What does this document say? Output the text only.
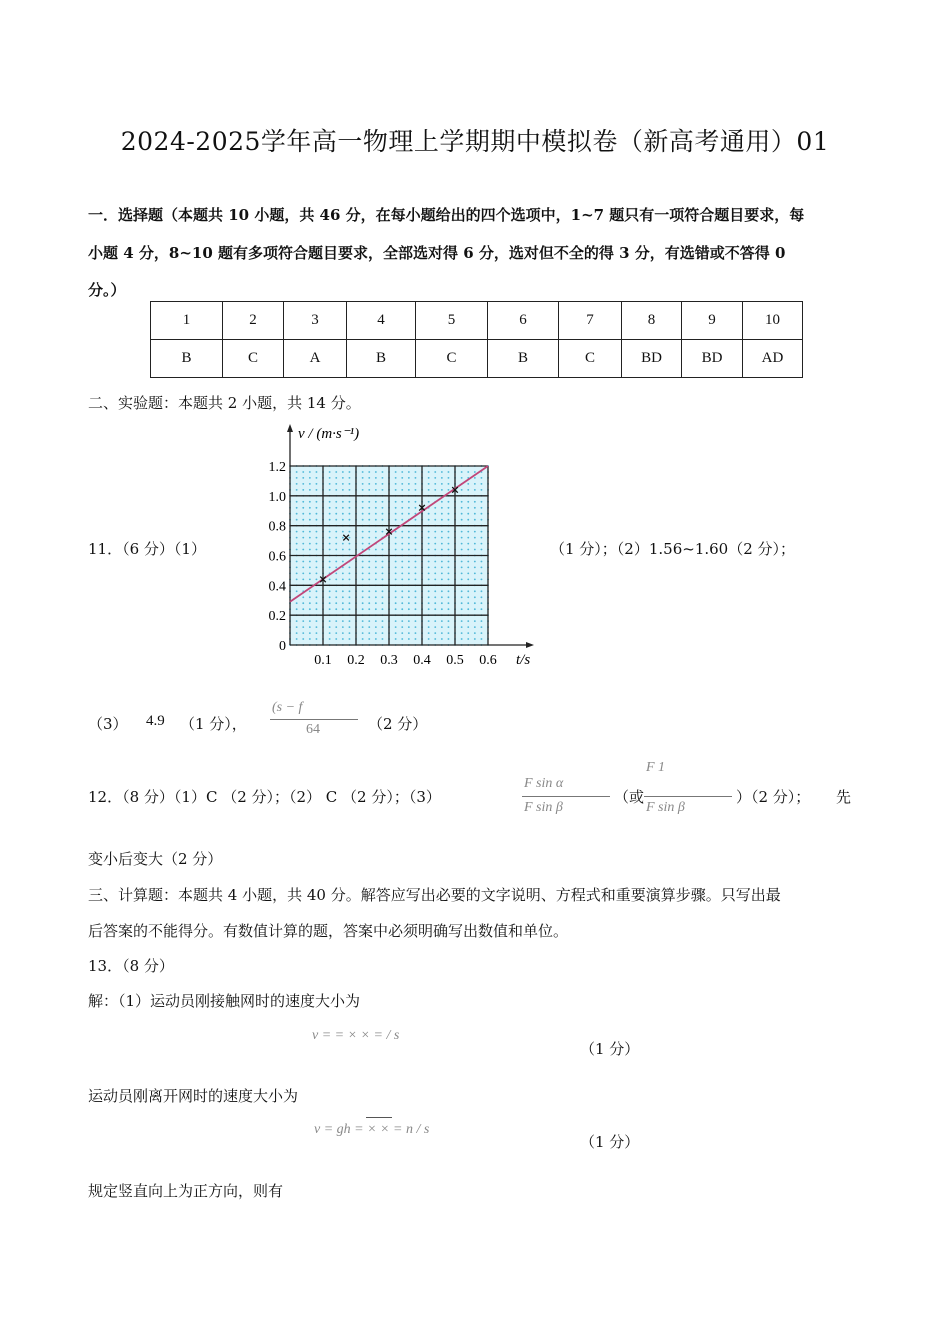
2024-2025学年高一物理上学期期中模拟卷（新高考通用）01
一．选择题（本题共 10 小题，共 46 分，在每小题给出的四个选项中，1~7 题只有一项符合题目要求，每
小题 4 分，8~10 题有多项符合题目要求，全部选对得 6 分，选对但不全的得 3 分，有选错或不答得 0
分。）
1	2	3	4	5	6	7	8	9	10
B	C	A	B	C	B	C	BD	BD	AD
二、实验题：本题共 2 小题，共 14 分。
11．（6 分）（1）
0
0.2
0.4
0.6
0.8
1.0
1.2
0.1 0.2 0.3 0.4 0.5 0.6
v / (m·s⁻¹)
t/s
（1 分）；（2）1.56~1.60（2 分）；
（3） 4.9 （1 分），
(s − f
64	（2 分）
12．（8 分）（1）C （2 分）；（2） C （2 分）；（3）
F sin α
F sin β
（或
F 1
F sin β
）（2 分）； 先
变小后变大（2 分）
三、计算题：本题共 4 小题，共 40 分。解答应写出必要的文字说明、方程式和重要演算步骤。只写出最
后答案的不能得分。有数值计算的题，答案中必须明确写出数值和单位。
13．（8 分）
解：（1）运动员刚接触网时的速度大小为
v = = × × = / s
（1 分）
运动员刚离开网时的速度大小为
v = gh = × × = n / s
（1 分）
规定竖直向上为正方向，则有
